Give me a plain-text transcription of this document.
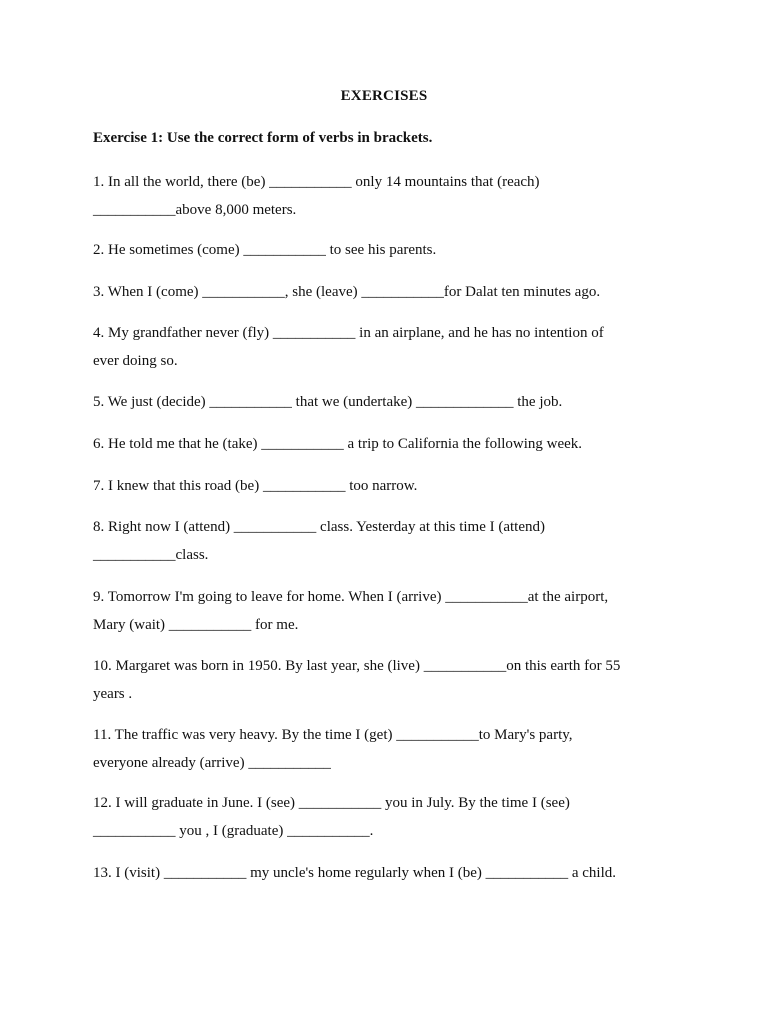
EXERCISES
Exercise 1: Use the correct form of verbs in brackets.
1. In all the world, there (be) ___________ only 14 mountains that (reach)
___________above 8,000 meters.
2. He sometimes (come) ___________ to see his parents.
3. When I (come) ___________, she (leave) ___________for Dalat ten minutes ago.
4. My grandfather never (fly) ___________ in an airplane, and he has no intention of
ever doing so.
5. We just (decide) ___________ that we (undertake) _____________ the job.
6. He told me that he (take) ___________ a trip to California the following week.
7. I knew that this road (be) ___________ too narrow.
8. Right now I (attend) ___________ class. Yesterday at this time I (attend)
___________class.
9. Tomorrow I'm going to leave for home. When I (arrive) ___________at the airport,
Mary (wait) ___________ for me.
10. Margaret was born in 1950. By last year, she (live) ___________on this earth for 55
years .
11. The traffic was very heavy. By the time I (get) ___________to Mary's party,
everyone already (arrive) ___________
12. I will graduate in June. I (see) ___________ you in July. By the time I (see)
___________ you , I (graduate) ___________.
13. I (visit) ___________ my uncle's home regularly when I (be) ___________ a child.
